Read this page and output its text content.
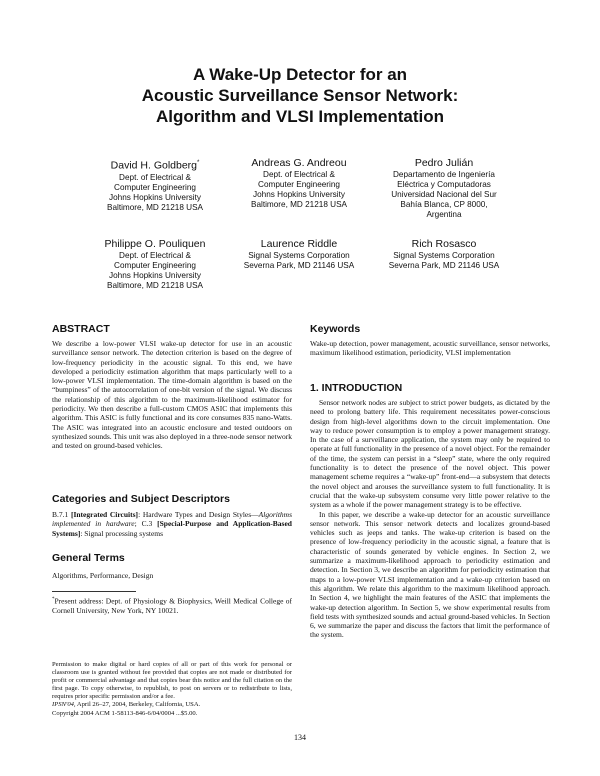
A Wake-Up Detector for an
Acoustic Surveillance Sensor Network:
Algorithm and VLSI Implementation
David H. Goldberg*
Dept. of Electrical &
Computer Engineering
Johns Hopkins University
Baltimore, MD 21218 USA
Andreas G. Andreou
Dept. of Electrical &
Computer Engineering
Johns Hopkins University
Baltimore, MD 21218 USA
Pedro Julián
Departamento de Ingeniería
Eléctrica y Computadoras
Universidad Nacional del Sur
Bahía Blanca, CP 8000,
Argentina
Philippe O. Pouliquen
Dept. of Electrical &
Computer Engineering
Johns Hopkins University
Baltimore, MD 21218 USA
Laurence Riddle
Signal Systems Corporation
Severna Park, MD 21146 USA
Rich Rosasco
Signal Systems Corporation
Severna Park, MD 21146 USA
ABSTRACT

We describe a low-power VLSI wake-up detector for use in an acoustic surveillance sensor network. The detection criterion is based on the degree of low-frequency periodicity in the acoustic signal. To this end, we have developed a periodicity estimation algorithm that maps particularly well to a low-power VLSI implementation. The time-domain algorithm is based on the “bumpiness” of the autocorrelation of one-bit version of the signal. We discuss the relationship of this algorithm to the maximum-likelihood estimator for periodicity. We then describe a full-custom CMOS ASIC that implements this algorithm. This ASIC is fully functional and its core consumes 835 nano-Watts. The ASIC was integrated into an acoustic enclosure and tested outdoors on synthesized sounds. This unit was also deployed in a three-node sensor network and tested on ground-based vehicles.

Categories and Subject Descriptors

B.7.1 [Integrated Circuits]: Hardware Types and Design Styles—Algorithms implemented in hardware; C.3 [Special-Purpose and Application-Based Systems]: Signal processing systems

General Terms

Algorithms, Performance, Design

*Present address: Dept. of Physiology & Biophysics, Weill Medical College of Cornell University, New York, NY 10021.

Permission to make digital or hard copies of all or part of this work for personal or classroom use is granted without fee provided that copies are not made or distributed for profit or commercial advantage and that copies bear this notice and the full citation on the first page. To copy otherwise, to republish, to post on servers or to redistribute to lists, requires prior specific permission and/or a fee.
IPSN'04, April 26–27, 2004, Berkeley, California, USA.
Copyright 2004 ACM 1-58113-846-6/04/0004 ...$5.00.
Keywords

Wake-up detection, power management, acoustic surveillance, sensor networks, maximum likelihood estimation, periodicity, VLSI implementation

1. INTRODUCTION

Sensor network nodes are subject to strict power budgets, as dictated by the need to prolong battery life. This requirement necessitates power-conscious design from high-level algorithms down to the circuit implementation. One way to reduce power consumption is to employ a power management strategy. In the case of a surveillance application, the system may only be required to operate at full functionality in the presence of a novel object. For the remainder of the time, the system can persist in a “sleep” state, where the only required functionality is to detect the presence of the novel object. This power management scheme requires a “wake-up” front-end—a subsystem that detects the novel object and arouses the surveillance system to full functionality. It is crucial that the wake-up subsystem consume very little power relative to the system as a whole if the power management strategy is to be effective.

In this paper, we describe a wake-up detector for an acoustic surveillance sensor network. This sensor network detects and localizes ground-based vehicles such as jeeps and tanks. The wake-up criterion is based on the presence of low-frequency periodicity in the acoustic signal, a feature that is characteristic of sounds generated by vehicle engines. In Section 2, we summarize a maximum-likelihood approach to periodicity estimation and detection. In Section 3, we describe an algorithm for periodicity estimation that maps to a low-power VLSI implementation and a wake-up criterion based on this algorithm. We relate this algorithm to the maximum likelihood approach. In Section 4, we highlight the main features of the ASIC that implements the wake-up detection algorithm. In Section 5, we show experimental results from field tests with synthesized sounds and actual ground-based vehicles. In Section 6, we summarize the paper and discuss the factors that limit the performance of the system.

134
